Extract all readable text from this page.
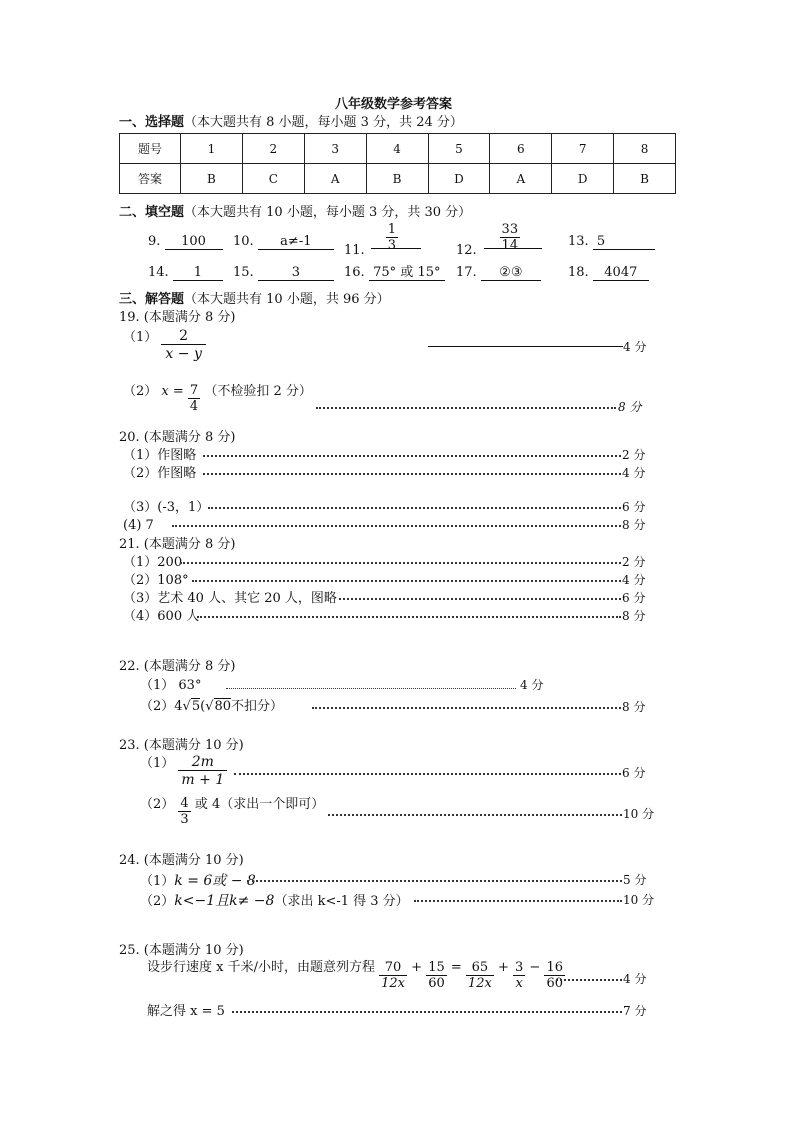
八年级数学参考答案
一、选择题（本大题共有 8 小题，每小题 3 分，共 24 分）
题号	1	2	3	4	5	6	7	8
答案	B	C	A	B	D	A	D	B
二、填空题（本大题共有 10 小题，每小题 3 分，共 30 分）
9. 100	10. a≠-1
11. $\frac{1}{3}$	12. $\frac{33}{14}$	13. 5
14. 1	15.	3	16. 75° 或 15°	17. ②③	18. 4047
三、解答题（本大题共有 10 小题，共 96 分）
19. (本题满分 8 分)
$(1) \frac{2}{x - y}$	4 分
（2） $x = \frac{7}{4}$ （不检验扣 2 分）
8 分
20. (本题满分 8 分)
（1）作图略	2 分
（2）作图略	4 分
（3）(-3，1）	6 分
(4) 7	8 分
21. (本题满分 8 分)
（1）200	2 分
（2）108°	4 分
（3）艺术 40 人、其它 20 人，图略	6 分
（4）600 人	8 分
22. (本题满分 8 分)
（1） 63°	4 分
（2）4√5(√80不扣分）	8 分
23. (本题满分 10 分)
$(1) \frac{2m}{m + 1}$	6 分
$(2) \frac{4}{3}$ 或 4（求出一个即可）
10 分
24. (本题满分 10 分)
（1）k = 6或 − 8	5 分
（2）k<−1且k≠ −8（求出 k<-1 得 3 分）	10 分
25. (本题满分 10 分)
设步行速度 x 千米/小时，由题意列方程 $\frac{70}{12x} + \frac{15}{60} = \frac{65}{12x} + \frac{3}{x} - \frac{16}{60}$	4 分
解之得 x = 5	7 分
